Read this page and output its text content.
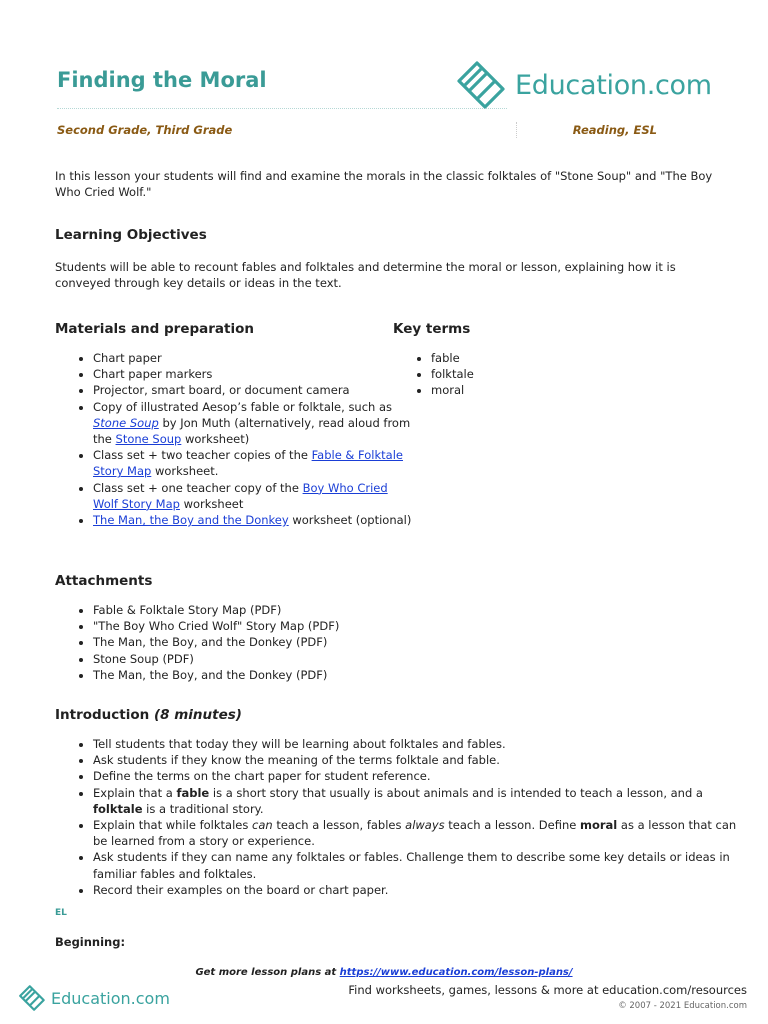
Finding the Moral	Education.com
Second Grade, Third Grade	Reading, ESL

In this lesson your students will find and examine the morals in the classic folktales of "Stone Soup" and "The Boy Who Cried Wolf."

Learning Objectives

Students will be able to recount fables and folktales and determine the moral or lesson, explaining how it is conveyed through key details or ideas in the text.

Materials and preparation
• Chart paper
• Chart paper markers
• Projector, smart board, or document camera
• Copy of illustrated Aesop’s fable or folktale, such as Stone Soup by Jon Muth (alternatively, read aloud from the Stone Soup worksheet)
• Class set + two teacher copies of the Fable & Folktale Story Map worksheet.
• Class set + one teacher copy of the Boy Who Cried Wolf Story Map worksheet
• The Man, the Boy and the Donkey worksheet (optional)
Key terms
• fable
• folktale
• moral
Attachments
• Fable & Folktale Story Map (PDF)
• "The Boy Who Cried Wolf" Story Map (PDF)
• The Man, the Boy, and the Donkey (PDF)
• Stone Soup (PDF)
• The Man, the Boy, and the Donkey (PDF)
Introduction (8 minutes)
• Tell students that today they will be learning about folktales and fables.
• Ask students if they know the meaning of the terms folktale and fable.
• Define the terms on the chart paper for student reference.
• Explain that a fable is a short story that usually is about animals and is intended to teach a lesson, and a folktale is a traditional story.
• Explain that while folktales can teach a lesson, fables always teach a lesson. Define moral as a lesson that can be learned from a story or experience.
• Ask students if they can name any folktales or fables. Challenge them to describe some key details or ideas in familiar fables and folktales.
• Record their examples on the board or chart paper.
EL
Beginning:
Get more lesson plans at https://www.education.com/lesson-plans/
Education.com	Find worksheets, games, lessons & more at education.com/resources
© 2007 - 2021 Education.com
